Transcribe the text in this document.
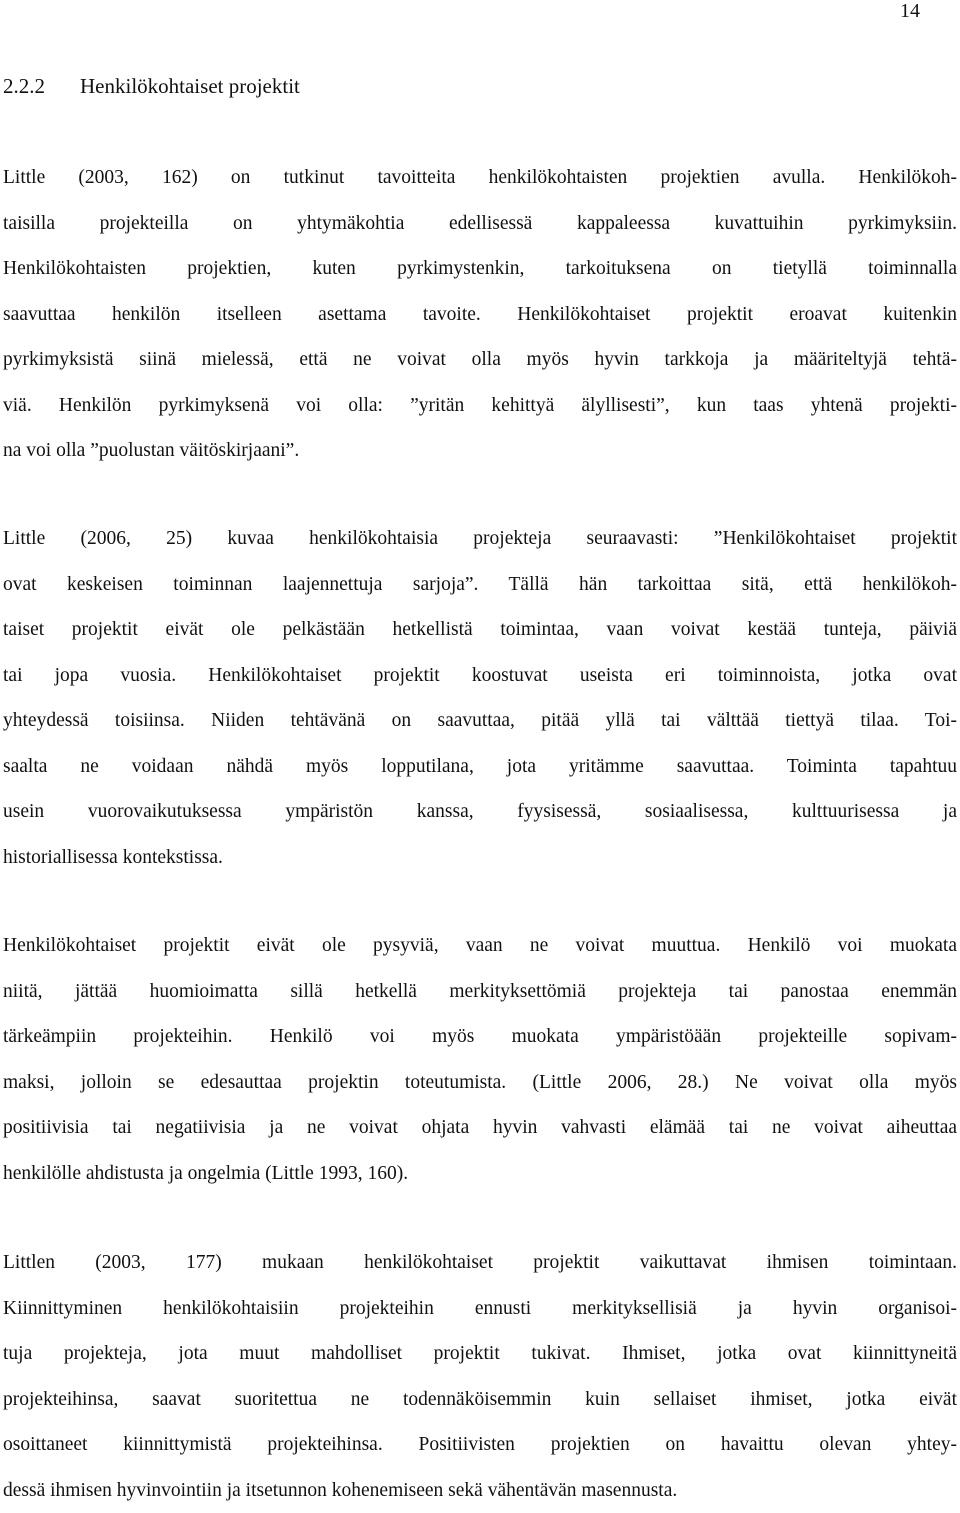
14
2.2.2 Henkilökohtaiset projektit
Little (2003, 162) on tutkinut tavoitteita henkilökohtaisten projektien avulla. Henkilökoh-
taisilla projekteilla on yhtymäkohtia edellisessä kappaleessa kuvattuihin pyrkimyksiin.
Henkilökohtaisten projektien, kuten pyrkimystenkin, tarkoituksena on tietyllä toiminnalla
saavuttaa henkilön itselleen asettama tavoite. Henkilökohtaiset projektit eroavat kuitenkin
pyrkimyksistä siinä mielessä, että ne voivat olla myös hyvin tarkkoja ja määriteltyjä tehtä-
viä. Henkilön pyrkimyksenä voi olla: ”yritän kehittyä älyllisesti”, kun taas yhtenä projekti-
na voi olla ”puolustan väitöskirjaani”.
Little (2006, 25) kuvaa henkilökohtaisia projekteja seuraavasti: ”Henkilökohtaiset projektit
ovat keskeisen toiminnan laajennettuja sarjoja”. Tällä hän tarkoittaa sitä, että henkilökoh-
taiset projektit eivät ole pelkästään hetkellistä toimintaa, vaan voivat kestää tunteja, päiviä
tai jopa vuosia. Henkilökohtaiset projektit koostuvat useista eri toiminnoista, jotka ovat
yhteydessä toisiinsa. Niiden tehtävänä on saavuttaa, pitää yllä tai välttää tiettyä tilaa. Toi-
saalta ne voidaan nähdä myös lopputilana, jota yritämme saavuttaa. Toiminta tapahtuu
usein vuorovaikutuksessa ympäristön kanssa, fyysisessä, sosiaalisessa, kulttuurisessa ja
historiallisessa kontekstissa.
Henkilökohtaiset projektit eivät ole pysyviä, vaan ne voivat muuttua. Henkilö voi muokata
niitä, jättää huomioimatta sillä hetkellä merkityksettömiä projekteja tai panostaa enemmän
tärkeämpiin projekteihin. Henkilö voi myös muokata ympäristöään projekteille sopivam-
maksi, jolloin se edesauttaa projektin toteutumista. (Little 2006, 28.) Ne voivat olla myös
positiivisia tai negatiivisia ja ne voivat ohjata hyvin vahvasti elämää tai ne voivat aiheuttaa
henkilölle ahdistusta ja ongelmia (Little 1993, 160).
Littlen (2003, 177) mukaan henkilökohtaiset projektit vaikuttavat ihmisen toimintaan.
Kiinnittyminen henkilökohtaisiin projekteihin ennusti merkityksellisiä ja hyvin organisoi-
tuja projekteja, jota muut mahdolliset projektit tukivat. Ihmiset, jotka ovat kiinnittyneitä
projekteihinsa, saavat suoritettua ne todennäköisemmin kuin sellaiset ihmiset, jotka eivät
osoittaneet kiinnittymistä projekteihinsa. Positiivisten projektien on havaittu olevan yhtey-
dessä ihmisen hyvinvointiin ja itsetunnon kohenemiseen sekä vähentävän masennusta.
